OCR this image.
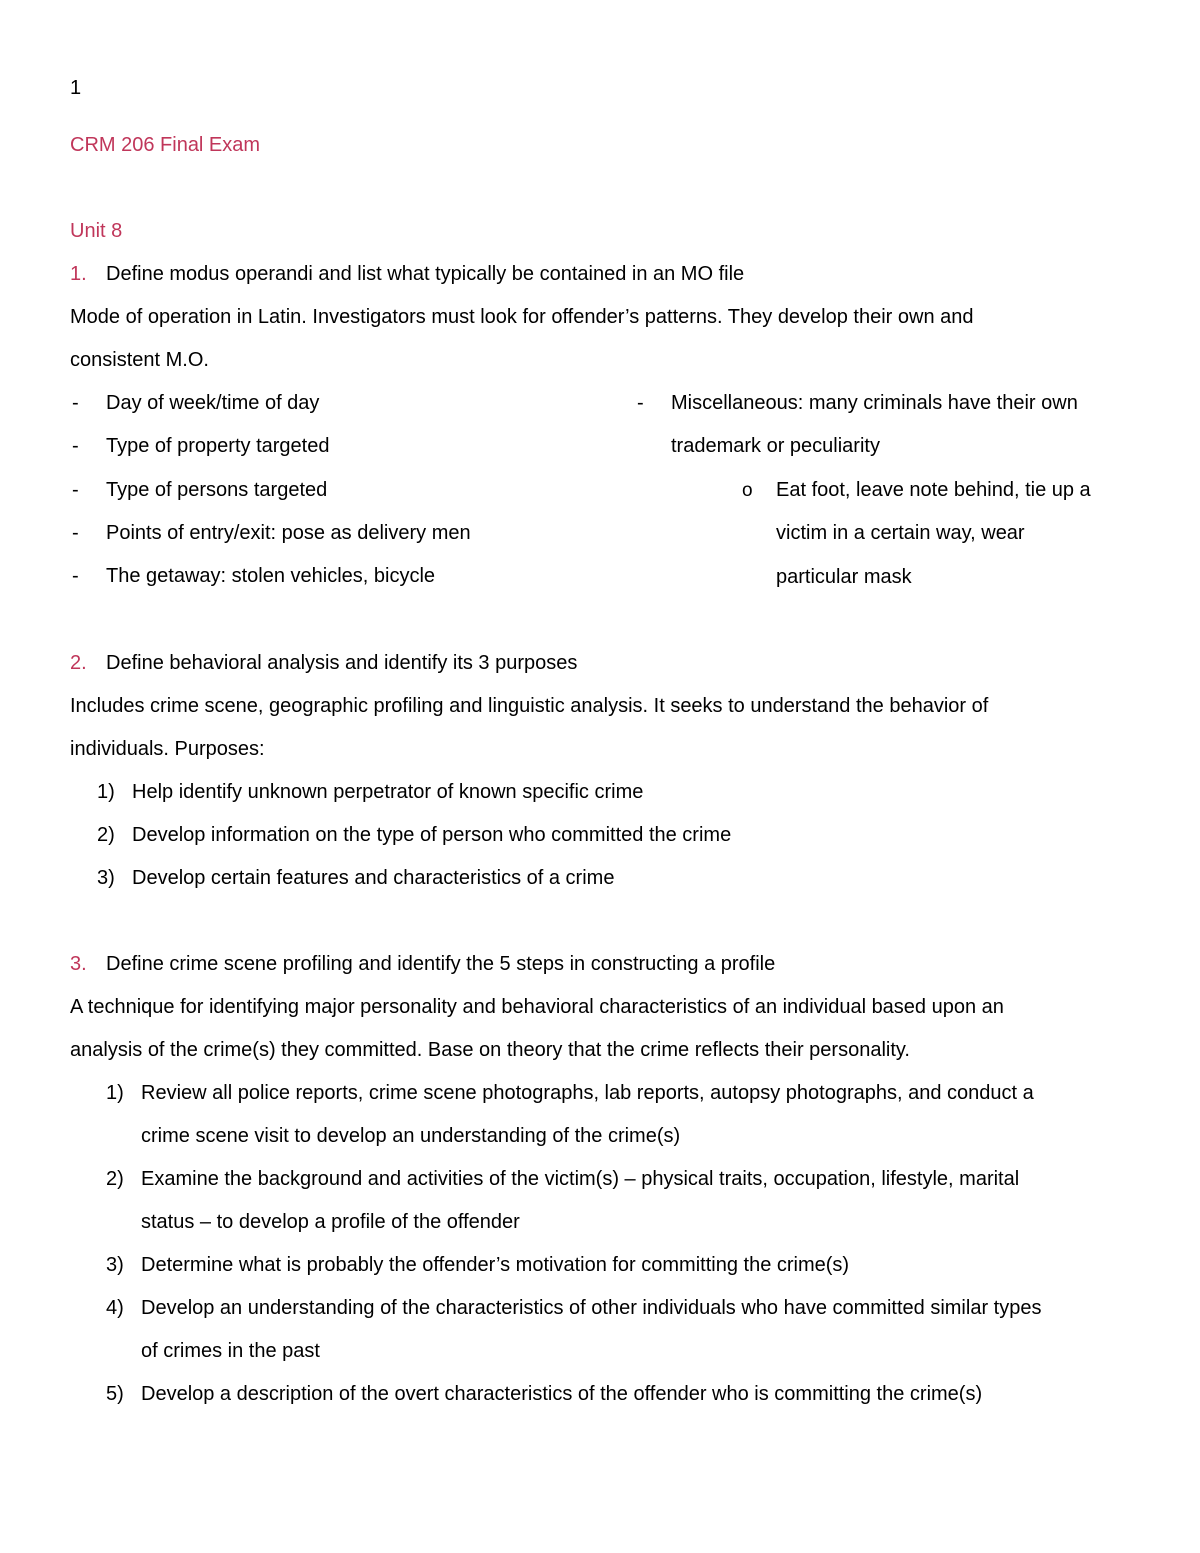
1
CRM 206 Final Exam
Unit 8
1. Define modus operandi and list what typically be contained in an MO file
Mode of operation in Latin. Investigators must look for offender’s patterns. They develop their own and
consistent M.O.
- Day of week/time of day
- Type of property targeted
- Type of persons targeted
- Points of entry/exit: pose as delivery men
- The getaway: stolen vehicles, bicycle
- Miscellaneous: many criminals have their own
trademark or peculiarity
o Eat foot, leave note behind, tie up a
victim in a certain way, wear
particular mask
2. Define behavioral analysis and identify its 3 purposes
Includes crime scene, geographic profiling and linguistic analysis. It seeks to understand the behavior of
individuals. Purposes:
1) Help identify unknown perpetrator of known specific crime
2) Develop information on the type of person who committed the crime
3) Develop certain features and characteristics of a crime
3. Define crime scene profiling and identify the 5 steps in constructing a profile
A technique for identifying major personality and behavioral characteristics of an individual based upon an
analysis of the crime(s) they committed. Base on theory that the crime reflects their personality.
1) Review all police reports, crime scene photographs, lab reports, autopsy photographs, and conduct a
crime scene visit to develop an understanding of the crime(s)
2) Examine the background and activities of the victim(s) – physical traits, occupation, lifestyle, marital
status – to develop a profile of the offender
3) Determine what is probably the offender’s motivation for committing the crime(s)
4) Develop an understanding of the characteristics of other individuals who have committed similar types
of crimes in the past
5) Develop a description of the overt characteristics of the offender who is committing the crime(s)
